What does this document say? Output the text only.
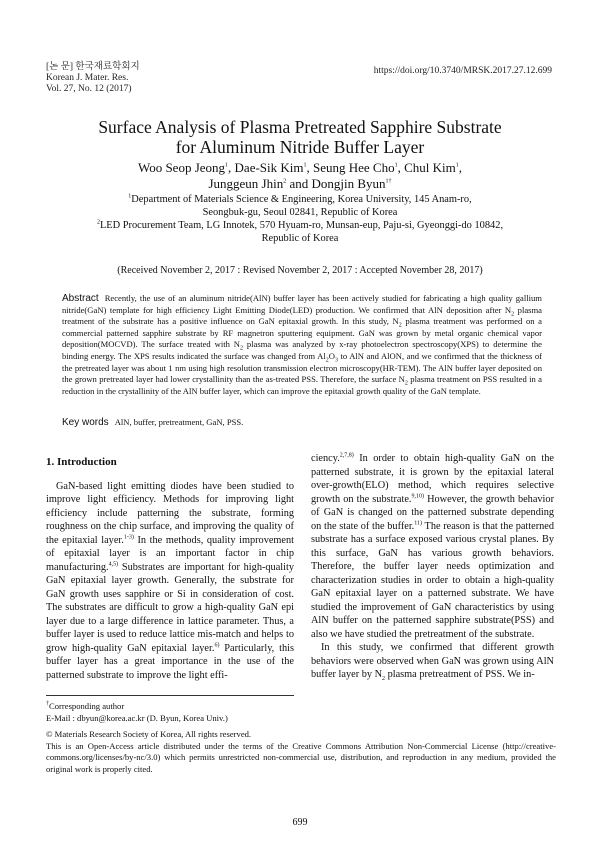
[논 문] 한국재료학회지
Korean J. Mater. Res.
Vol. 27, No. 12 (2017)
https://doi.org/10.3740/MRSK.2017.27.12.699
Surface Analysis of Plasma Pretreated Sapphire Substrate
for Aluminum Nitride Buffer Layer
Woo Seop Jeong$^1$, Dae-Sik Kim$^1$, Seung Hee Cho$^1$, Chul Kim$^1$,
Junggeun Jhin$^2$ and Dongjin Byun$^{1\dagger}$
$^1$Department of Materials Science & Engineering, Korea University, 145 Anam-ro,
Seongbuk-gu, Seoul 02841, Republic of Korea
$^2$LED Procurement Team, LG Innotek, 570 Hyuam-ro, Munsan-eup, Paju-si, Gyeonggi-do 10842,
Republic of Korea
(Received November 2, 2017 : Revised November 2, 2017 : Accepted November 28, 2017)
Abstract Recently, the use of an aluminum nitride(AlN) buffer layer has been actively studied for fabricating a high quality gallium nitride(GaN) template for high efficiency Light Emitting Diode(LED) production. We confirmed that AlN deposition after $N_2$ plasma treatment of the substrate has a positive influence on GaN epitaxial growth. In this study, $N_2$ plasma treatment was performed on a commercial patterned sapphire substrate by RF magnetron sputtering equipment. GaN was grown by metal organic chemical vapor deposition(MOCVD). The surface treated with $N_2$ plasma was analyzed by x-ray photoelectron spectroscopy(XPS) to determine the binding energy. The XPS results indicated the surface was changed from $Al_2O_3$ to AlN and AlON, and we confirmed that the thickness of the pretreated layer was about 1 nm using high resolution transmission electron microscopy(HR-TEM). The AlN buffer layer deposited on the grown pretreated layer had lower crystallinity than the as-treated PSS. Therefore, the surface $N_2$ plasma treatment on PSS resulted in a reduction in the crystallinity of the AlN buffer layer, which can improve the epitaxial growth quality of the GaN template.
Key words AlN, buffer, pretreatment, GaN, PSS.
1. Introduction

GaN-based light emitting diodes have been studied to improve light efficiency. Methods for improving light efficiency include patterning the substrate, forming roughness on the chip surface, and improving the quality of the epitaxial layer.$^{1-3)}$ In the methods, quality improvement of epitaxial layer is an important factor in chip manufacturing.$^{4,5)}$ Substrates are important for high-quality GaN epitaxial layer growth. Generally, the substrate for GaN growth uses sapphire or Si in consideration of cost. The substrates are difficult to grow a high-quality GaN epi layer due to a large difference in lattice parameter. Thus, a buffer layer is used to reduce lattice mis-match and helps to grow high-quality GaN epitaxial layer.$^{6)}$ Particularly, this buffer layer has a great importance in the use of the patterned substrate to improve the light effi-

ciency.$^{2,7,8)}$ In order to obtain high-quality GaN on the patterned substrate, it is grown by the epitaxial lateral over-growth(ELO) method, which requires selective growth on the substrate.$^{9,10)}$ However, the growth behavior of GaN is changed on the patterned substrate depending on the state of the buffer.$^{11)}$ The reason is that the patterned substrate has a surface exposed various crystal planes. By this surface, GaN has various growth behaviors. Therefore, the buffer layer needs optimization and characterization studies in order to obtain a high-quality GaN epitaxial layer on a patterned substrate. We have studied the improvement of GaN characteristics by using AlN buffer on the patterned sapphire substrate(PSS) and also we have studied the pretreatment of the substrate.

In this study, we confirmed that different growth behaviors were observed when GaN was grown using AlN buffer layer by $N_2$ plasma pretreatment of PSS. We in-

†Corresponding author
E-Mail : dbyun@korea.ac.kr (D. Byun, Korea Univ.)
© Materials Research Society of Korea, All rights reserved.
This is an Open-Access article distributed under the terms of the Creative Commons Attribution Non-Commercial License (http://creative-commons.org/licenses/by-nc/3.0) which permits unrestricted non-commercial use, distribution, and reproduction in any medium, provided the original work is properly cited.
699
